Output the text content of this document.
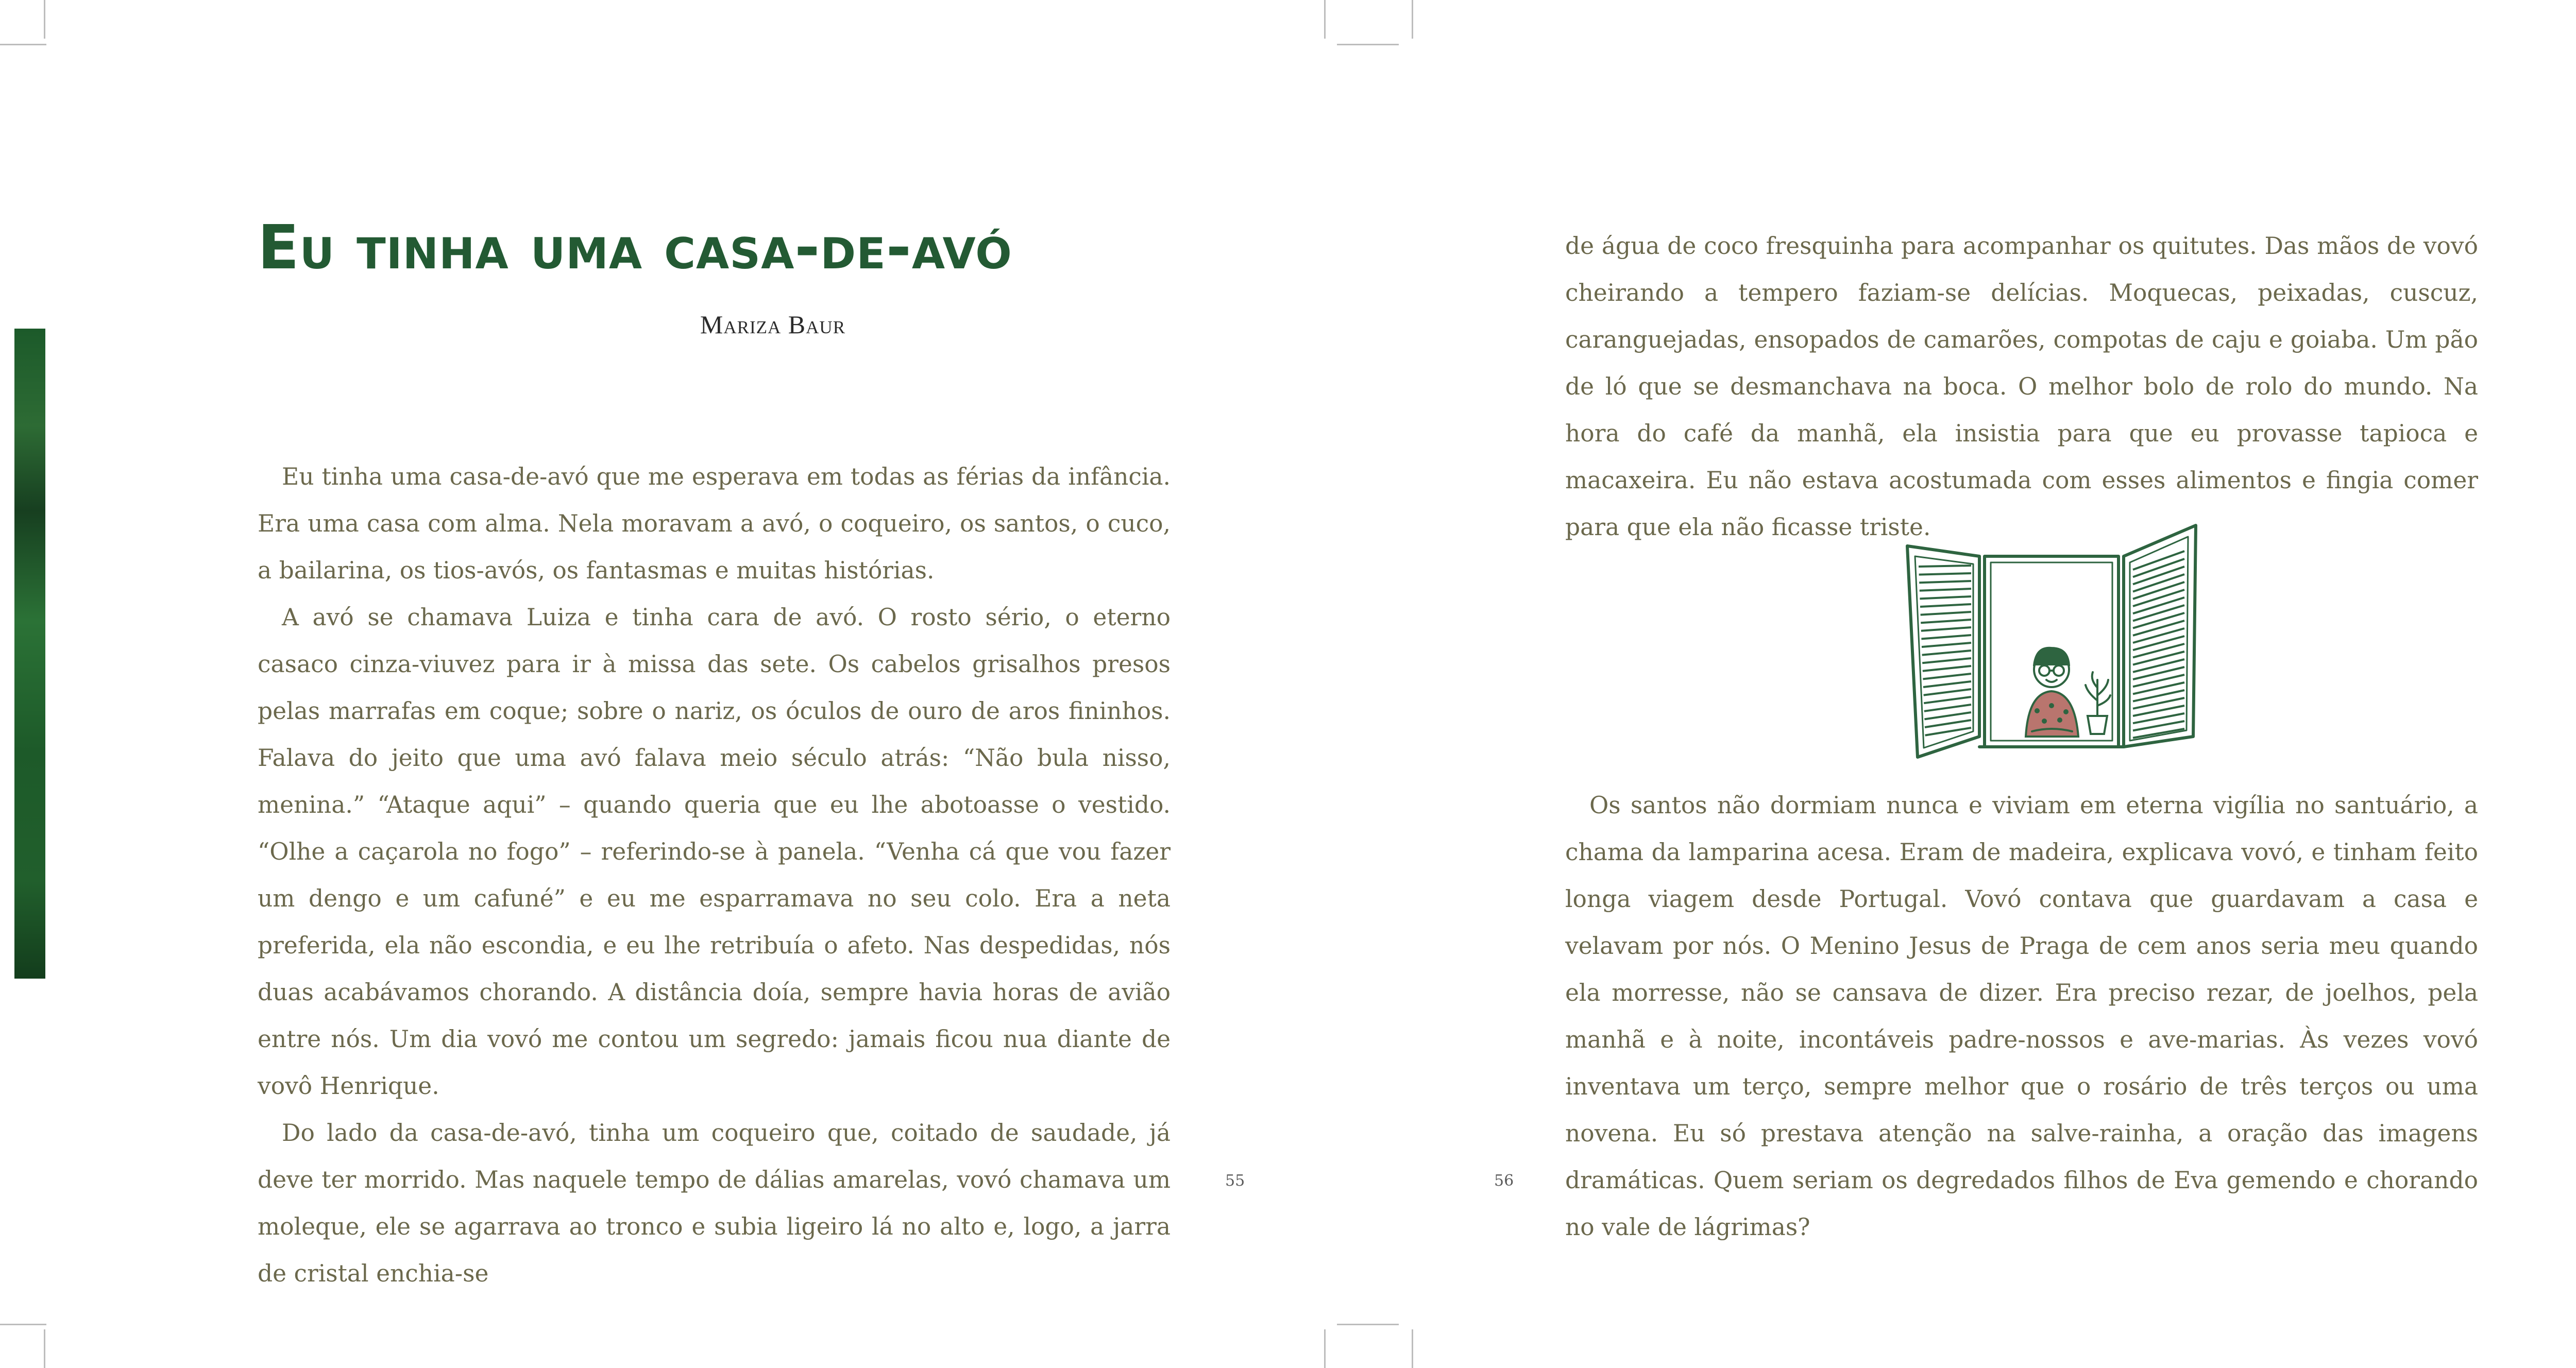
Eu tinha uma casa-de-avó
Mariza Baur

Eu tinha uma casa-de-avó que me esperava em todas as férias da infância. Era uma casa com alma. Nela moravam a avó, o coqueiro, os santos, o cuco, a bailarina, os tios-avós, os fantasmas e muitas histórias.

A avó se chamava Luiza e tinha cara de avó. O rosto sério, o eterno casaco cinza-viuvez para ir à missa das sete. Os cabelos grisalhos presos pelas marrafas em coque; sobre o nariz, os óculos de ouro de aros fininhos. Falava do jeito que uma avó falava meio século atrás: “Não bula nisso, menina.” “Ataque aqui” – quando queria que eu lhe abotoasse o vestido. “Olhe a caçarola no fogo” – referindo-se à panela. “Venha cá que vou fazer um dengo e um cafuné” e eu me esparramava no seu colo. Era a neta preferida, ela não escondia, e eu lhe retribuía o afeto. Nas despedidas, nós duas acabávamos chorando. A distância doía, sempre havia horas de avião entre nós. Um dia vovó me contou um segredo: jamais ficou nua diante de vovô Henrique.

Do lado da casa-de-avó, tinha um coqueiro que, coitado de saudade, já deve ter morrido. Mas naquele tempo de dálias amarelas, vovó chamava um moleque, ele se agarrava ao tronco e subia ligeiro lá no alto e, logo, a jarra de cristal enchia-se

55

de água de coco fresquinha para acompanhar os quitutes. Das mãos de vovó cheirando a tempero faziam-se delícias. Moquecas, peixadas, cuscuz, caranguejadas, ensopados de camarões, compotas de caju e goiaba. Um pão de ló que se desmanchava na boca. O melhor bolo de rolo do mundo. Na hora do café da manhã, ela insistia para que eu provasse tapioca e macaxeira. Eu não estava acostumada com esses alimentos e fingia comer para que ela não ficasse triste.

Os santos não dormiam nunca e viviam em eterna vigília no santuário, a chama da lamparina acesa. Eram de madeira, explicava vovó, e tinham feito longa viagem desde Portugal. Vovó contava que guardavam a casa e velavam por nós. O Menino Jesus de Praga de cem anos seria meu quando ela morresse, não se cansava de dizer. Era preciso rezar, de joelhos, pela manhã e à noite, incontáveis padre-nossos e ave-marias. Às vezes vovó inventava um terço, sempre melhor que o rosário de três terços ou uma novena. Eu só prestava atenção na salve-rainha, a oração das imagens dramáticas. Quem seriam os degredados filhos de Eva gemendo e chorando no vale de lágrimas?

56
